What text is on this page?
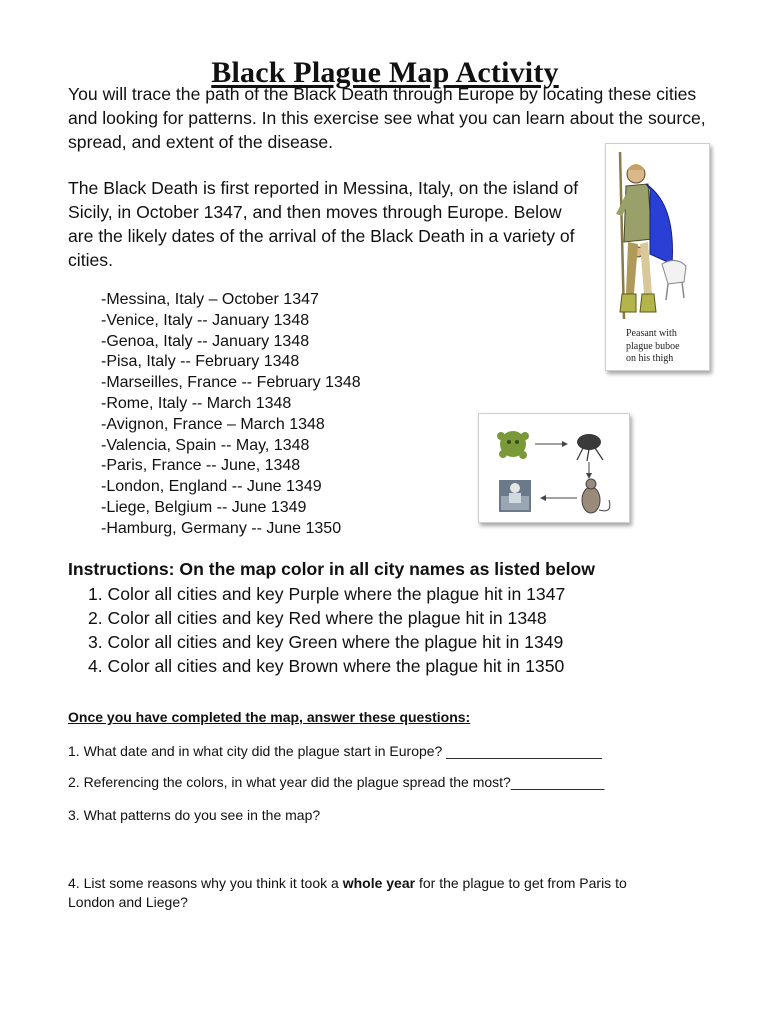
Black Plague Map Activity

You will trace the path of the Black Death through Europe by locating these cities and looking for patterns. In this exercise see what you can learn about the source, spread, and extent of the disease.

The Black Death is first reported in Messina, Italy, on the island of Sicily, in October 1347, and then moves through Europe. Below are the likely dates of the arrival of the Black Death in a variety of cities.

-Messina, Italy – October 1347
-Venice, Italy -- January 1348
-Genoa, Italy -- January 1348
-Pisa, Italy -- February 1348
-Marseilles, France -- February 1348
-Rome, Italy -- March 1348
-Avignon, France – March 1348
-Valencia, Spain -- May, 1348
-Paris, France -- June, 1348
-London, England -- June 1349
-Liege, Belgium -- June 1349
-Hamburg, Germany -- June 1350
Peasant with
plague buboe
on his thigh

Instructions: On the map color in all city names as listed below

1. Color all cities and key Purple where the plague hit in 1347
2. Color all cities and key Red where the plague hit in 1348
3. Color all cities and key Green where the plague hit in 1349
4. Color all cities and key Brown where the plague hit in 1350

Once you have completed the map, answer these questions:

1. What date and in what city did the plague start in Europe? ____________________

2. Referencing the colors, in what year did the plague spread the most?____________

3. What patterns do you see in the map?

4. List some reasons why you think it took a whole year for the plague to get from Paris to London and Liege?
